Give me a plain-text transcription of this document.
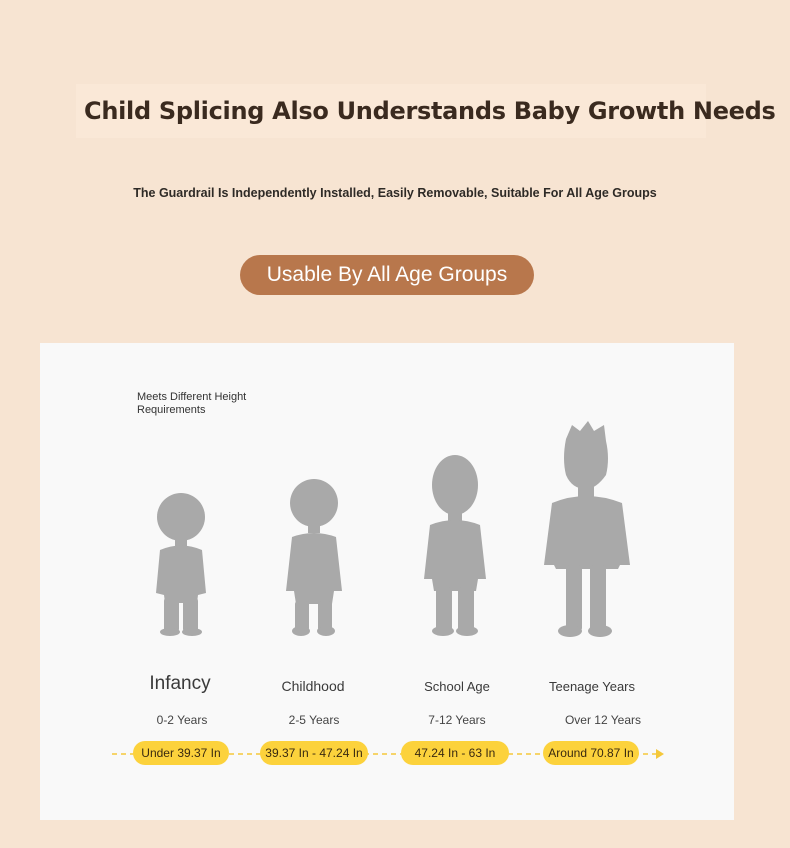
Child Splicing Also Understands Baby Growth Needs
The Guardrail Is Independently Installed, Easily Removable, Suitable For All Age Groups
Usable By All Age Groups
Meets Different Height Requirements
Infancy	Childhood	School Age	Teenage Years
0-2 Years	2-5 Years	7-12 Years	Over 12 Years
Under 39.37 In	39.37 In - 47.24 In	47.24 In - 63 In	Around 70.87 In
